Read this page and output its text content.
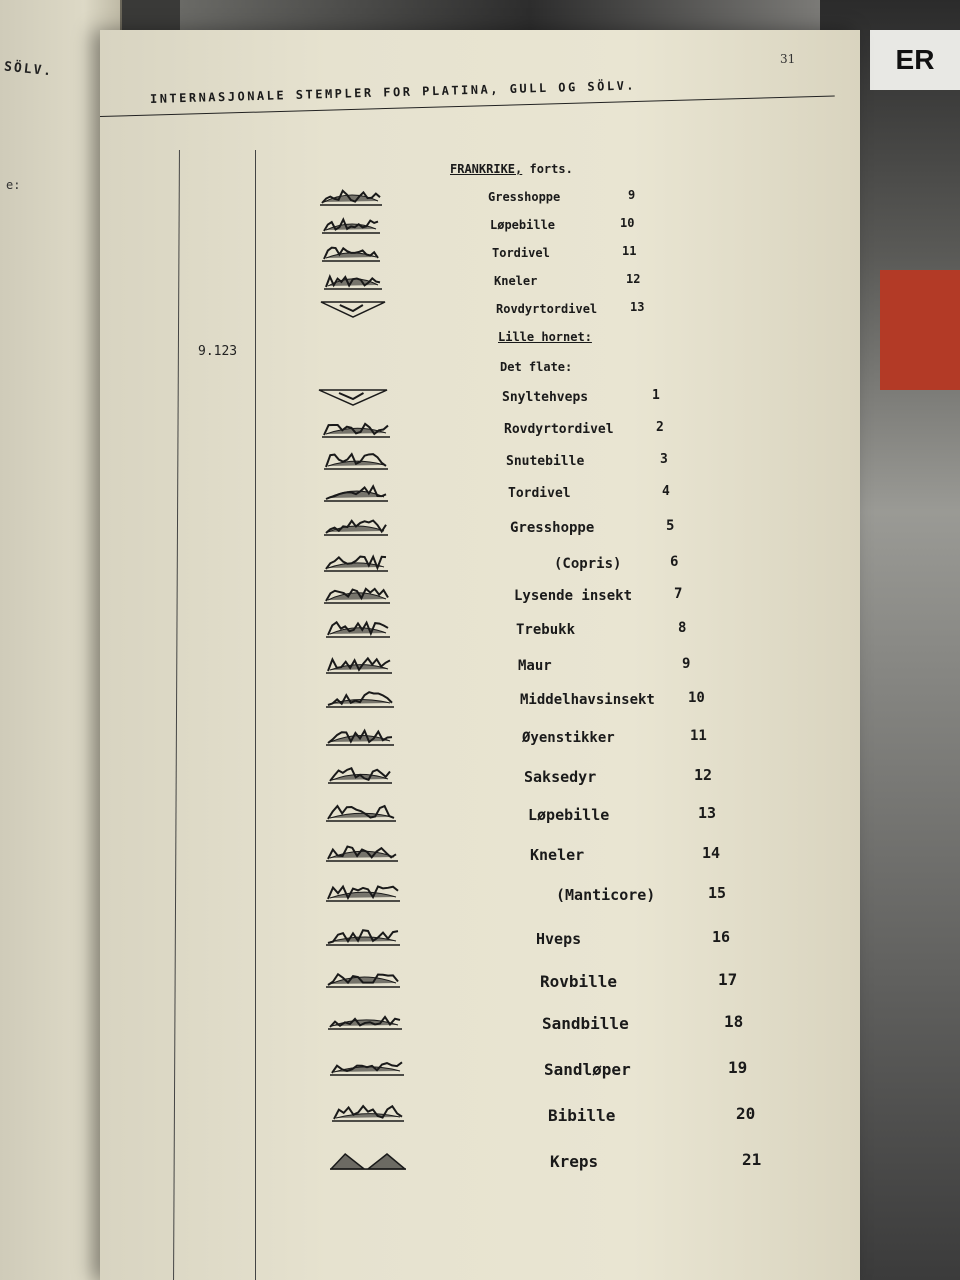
ER
SÖLV.
e:
31
INTERNASJONALE STEMPLER FOR PLATINA, GULL OG SÖLV.
9.123
FRANKRIKE, forts.
Gresshoppe	9
Løpebille	10
Tordivel	11
Kneler	12
Rovdyrtordivel	13
Lille hornet:
Det flate:
Snyltehveps	1
Rovdyrtordivel	2
Snutebille	3
Tordivel	4
Gresshoppe	5
(Copris)	6
Lysende insekt	7
Trebukk	8
Maur	9
Middelhavsinsekt 10
Øyenstikker	11
Saksedyr	12
Løpebille	13
Kneler	14
(Manticore)	15
Hveps	16
Rovbille	17
Sandbille	18
Sandløper	19
Bibille	20
Kreps	21
